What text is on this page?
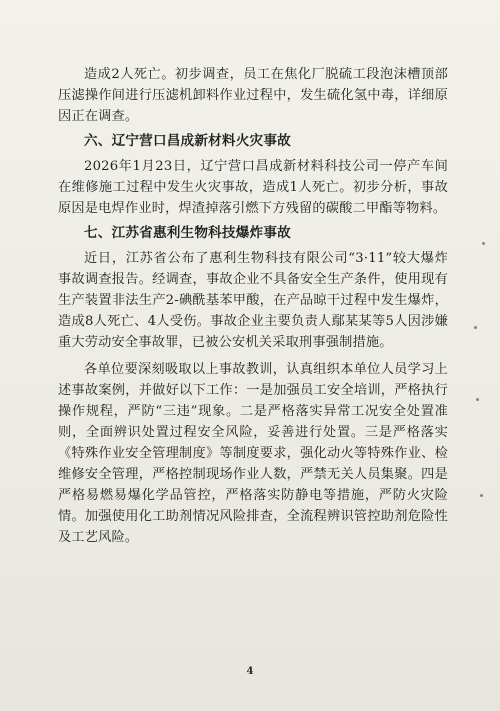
造成2人死亡。初步调查，员工在焦化厂脱硫工段泡沫槽顶部压滤操作间进行压滤机卸料作业过程中，发生硫化氢中毒，详细原因正在调查。

六、辽宁营口昌成新材料火灾事故

2026年1月23日，辽宁营口昌成新材料科技公司一停产车间在维修施工过程中发生火灾事故，造成1人死亡。初步分析，事故原因是电焊作业时，焊渣掉落引燃下方残留的碳酸二甲酯等物料。

七、江苏省惠利生物科技爆炸事故

近日，江苏省公布了惠利生物科技有限公司“3·11”较大爆炸事故调查报告。经调查，事故企业不具备安全生产条件，使用现有生产装置非法生产2-碘酰基苯甲酸，在产品晾干过程中发生爆炸，造成8人死亡、4人受伤。事故企业主要负责人鄢某某等5人因涉嫌重大劳动安全事故罪，已被公安机关采取刑事强制措施。

各单位要深刻吸取以上事故教训，认真组织本单位人员学习上述事故案例，并做好以下工作：一是加强员工安全培训，严格执行操作规程，严防“三违”现象。二是严格落实异常工况安全处置准则，全面辨识处置过程安全风险，妥善进行处置。三是严格落实《特殊作业安全管理制度》等制度要求，强化动火等特殊作业、检维修安全管理，严格控制现场作业人数，严禁无关人员集聚。四是严格易燃易爆化学品管控，严格落实防静电等措施，严防火灾险情。加强使用化工助剂情况风险排查，全流程辨识管控助剂危险性及工艺风险。

4
